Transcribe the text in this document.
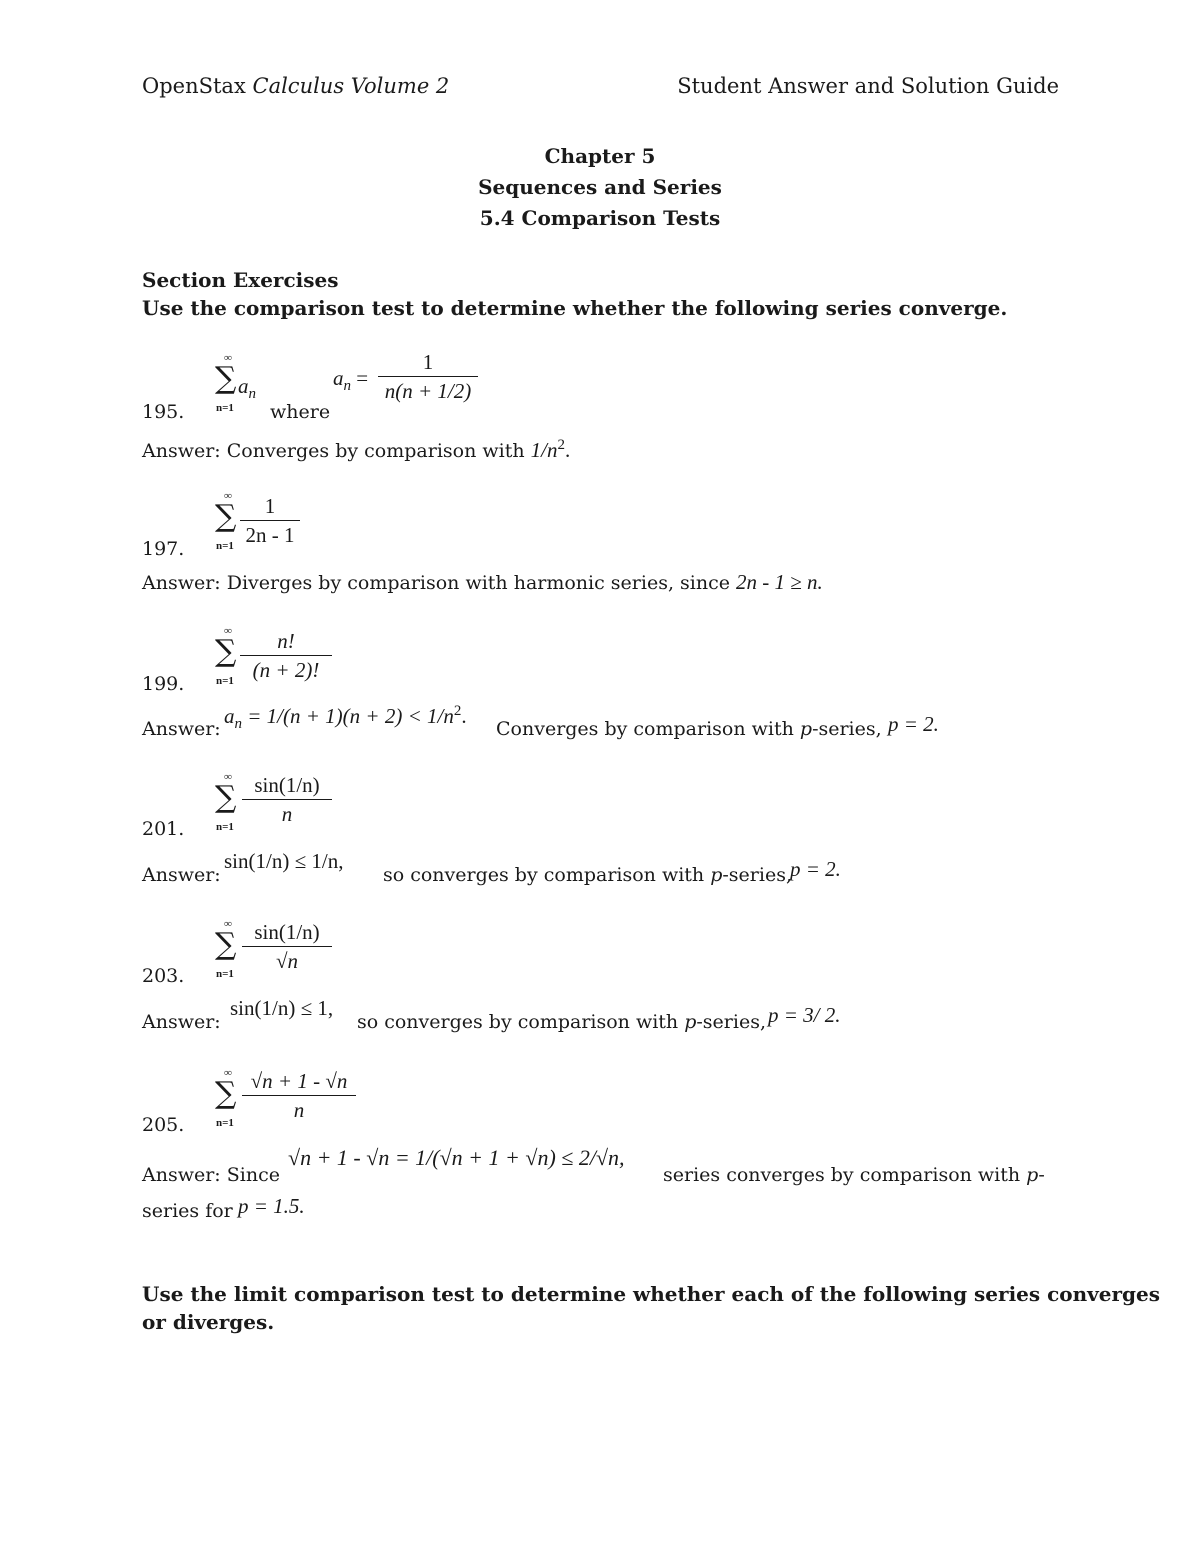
OpenStax Calculus Volume 2	Student Answer and Solution Guide
Chapter 5
Sequences and Series
5.4 Comparison Tests
Section Exercises
Use the comparison test to determine whether the following series converge.
195.
∞
∑
n=1
$a_n$
where
$a_n$ =
1
n(n + 1/2)
Answer: Converges by comparison with $1/n^2$.
197.
∞
∑
n=1
1
2n - 1
Answer: Diverges by comparison with harmonic series, since 2n - 1 ≥ n.
199.
∞
∑
n=1
n!
(n + 2)!
Answer:
$a_n = 1/(n + 1)(n + 2) < 1/n^2$.
Converges by comparison with p-series, p = 2.
201.
∞
∑
n=1
sin(1/n)
n
Answer:
sin(1/n) ≤ 1/n,
so converges by comparison with p-series,
p = 2.
203.
∞
∑
n=1
sin(1/n)
√n
Answer:
sin(1/n) ≤ 1,
so converges by comparison with p-series, p = 3/ 2.
205.
∞
∑
n=1
√n + 1 - √n
n
Answer: Since
√n + 1 - √n = 1/(√n + 1 + √n) ≤ 2/√n,
series converges by comparison with p-
series for p = 1.5.
Use the limit comparison test to determine whether each of the following series converges
or diverges.
